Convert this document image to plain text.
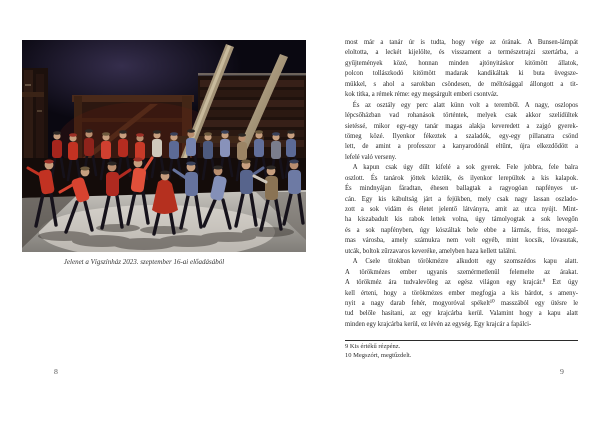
Jelenet a Vígszínház 2023. szeptember 16-ai előadásából
8
most már a tanár úr is tudta, hogy vége az órának. A Bunsen-lámpát
eloltotta, a leckét kijelölte, és visszament a természetrajzi szertárba, a
gyűjtemények közé, honnan minden ajtónyitáskor kitömött állatok,
polcon tollászkodó kitömött madarak kandikáltak ki buta üvegsze-
mükkel, s ahol a sarokban csöndesen, de méltósággal állongott a tit-
kok titka, a rémek réme: egy megsárgult emberi csontváz.
És az osztály egy perc alatt künn volt a teremből. A nagy, oszlopos
lépcsőházban vad rohanások történtek, melyek csak akkor szelídültek
sietéssé, mikor egy-egy tanár magas alakja keveredett a zajgó gyerek-
tömeg közé. Ilyenkor fékeztek a szaladók, egy-egy pillanatra csönd
lett, de amint a professzor a kanyarodónál eltűnt, újra elkezdődött a
lefelé való verseny.
A kapun csak úgy dűlt kifelé a sok gyerek. Fele jobbra, fele balra
oszlott. És tanárok jöttek köztük, és ilyenkor lerepültek a kis kalapok.
És mindnyájan fáradtan, éhesen ballagtak a ragyogóan napfényes ut-
cán. Egy kis kábultság járt a fejükben, mely csak nagy lassan oszlado-
zott a sok vidám és életet jelentő látványra, amit az utca nyújt. Mint-
ha kiszabadult kis rabok lettek volna, úgy támolyogtak a sok levegőn
és a sok napfényben, úgy kószáltak bele ebbe a lármás, friss, mozgal-
mas városba, amely számukra nem volt egyéb, mint kocsik, lóvasutak,
utcák, boltok zűrzavaros keveréke, amelyben haza kellett találni.
A Csele titokban törökmézre alkudott egy szomszédos kapu alatt.
A törökmézes ember ugyanis szemérmetlenül felemelte az árakat.
A törökméz ára tudvalevőleg az egész világon egy krajcár.⁹ Ezt úgy
kell érteni, hogy a törökmézes ember megfogja a kis bárdot, s ameny-
nyit a nagy darab fehér, mogyoróval spékelt¹⁰ masszából egy ütésre le
tud belőle hasítani, az egy krajcárba kerül. Valamint hogy a kapu alatt
minden egy krajcárba kerül, ez lévén az egység. Egy krajcár a fapálci-
9 Kis értékű rézpénz.
10 Megszórt, megtűzdelt.
9
